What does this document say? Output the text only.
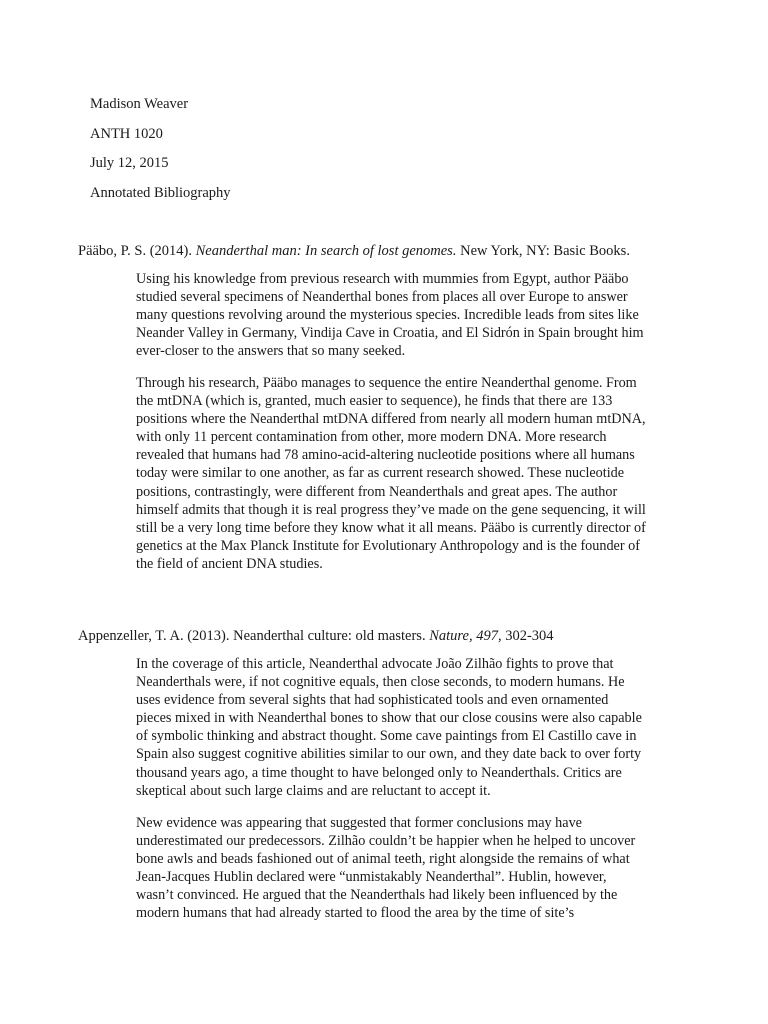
Madison Weaver
ANTH 1020
July 12, 2015
Annotated Bibliography
Pääbo, P. S. (2014). Neanderthal man: In search of lost genomes. New York, NY: Basic Books.
Using his knowledge from previous research with mummies from Egypt, author Pääbo
studied several specimens of Neanderthal bones from places all over Europe to answer
many questions revolving around the mysterious species. Incredible leads from sites like
Neander Valley in Germany, Vindija Cave in Croatia, and El Sidrón in Spain brought him
ever-closer to the answers that so many seeked.
Through his research, Pääbo manages to sequence the entire Neanderthal genome. From
the mtDNA (which is, granted, much easier to sequence), he finds that there are 133
positions where the Neanderthal mtDNA differed from nearly all modern human mtDNA,
with only 11 percent contamination from other, more modern DNA. More research
revealed that humans had 78 amino-acid-altering nucleotide positions where all humans
today were similar to one another, as far as current research showed. These nucleotide
positions, contrastingly, were different from Neanderthals and great apes. The author
himself admits that though it is real progress they’ve made on the gene sequencing, it will
still be a very long time before they know what it all means. Pääbo is currently director of
genetics at the Max Planck Institute for Evolutionary Anthropology and is the founder of
the field of ancient DNA studies.
Appenzeller, T. A. (2013). Neanderthal culture: old masters. Nature, 497, 302-304
In the coverage of this article, Neanderthal advocate João Zilhão fights to prove that
Neanderthals were, if not cognitive equals, then close seconds, to modern humans. He
uses evidence from several sights that had sophisticated tools and even ornamented
pieces mixed in with Neanderthal bones to show that our close cousins were also capable
of symbolic thinking and abstract thought. Some cave paintings from El Castillo cave in
Spain also suggest cognitive abilities similar to our own, and they date back to over forty
thousand years ago, a time thought to have belonged only to Neanderthals. Critics are
skeptical about such large claims and are reluctant to accept it.
New evidence was appearing that suggested that former conclusions may have
underestimated our predecessors. Zilhão couldn’t be happier when he helped to uncover
bone awls and beads fashioned out of animal teeth, right alongside the remains of what
Jean-Jacques Hublin declared were “unmistakably Neanderthal”. Hublin, however,
wasn’t convinced. He argued that the Neanderthals had likely been influenced by the
modern humans that had already started to flood the area by the time of site’s
